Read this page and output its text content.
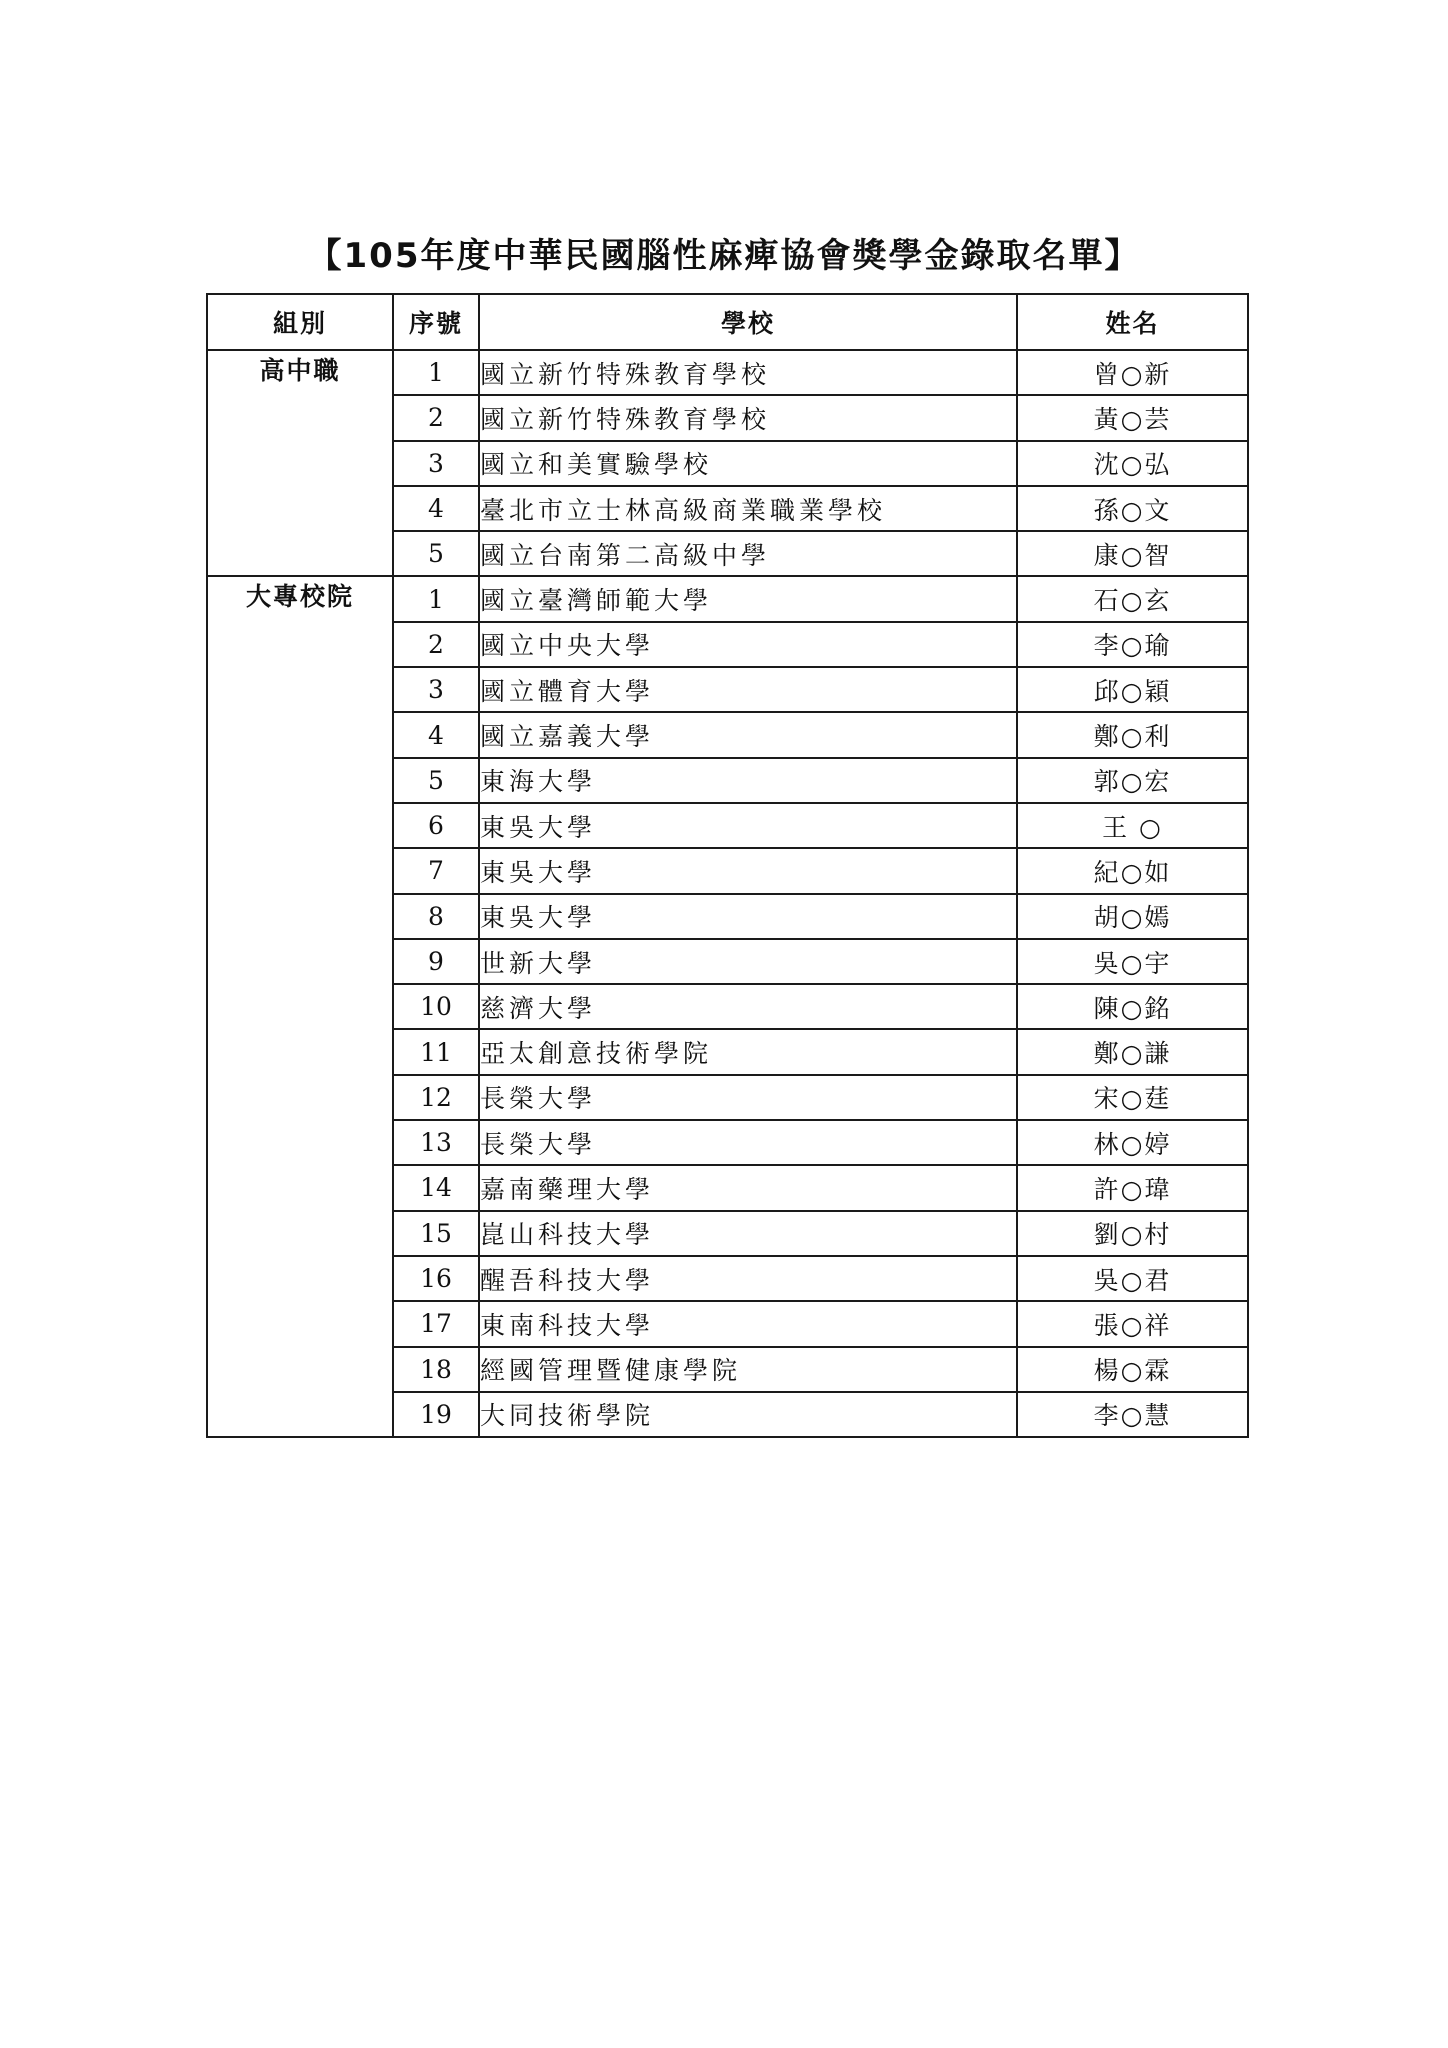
【105年度中華民國腦性麻痺協會獎學金錄取名單】
組別	序號	學校	姓名
高中職	1	國立新竹特殊教育學校	曾○新
	2	國立新竹特殊教育學校	黃○芸
	3	國立和美實驗學校	沈○弘
	4	臺北市立士林高級商業職業學校	孫○文
	5	國立台南第二高級中學	康○智
大專校院	1	國立臺灣師範大學	石○玄
	2	國立中央大學	李○瑜
	3	國立體育大學	邱○穎
	4	國立嘉義大學	鄭○利
	5	東海大學	郭○宏
	6	東吳大學	王 ○
	7	東吳大學	紀○如
	8	東吳大學	胡○嫣
	9	世新大學	吳○宇
	10	慈濟大學	陳○銘
	11	亞太創意技術學院	鄭○謙
	12	長榮大學	宋○莛
	13	長榮大學	林○婷
	14	嘉南藥理大學	許○瑋
	15	崑山科技大學	劉○村
	16	醒吾科技大學	吳○君
	17	東南科技大學	張○祥
	18	經國管理暨健康學院	楊○霖
	19	大同技術學院	李○慧
